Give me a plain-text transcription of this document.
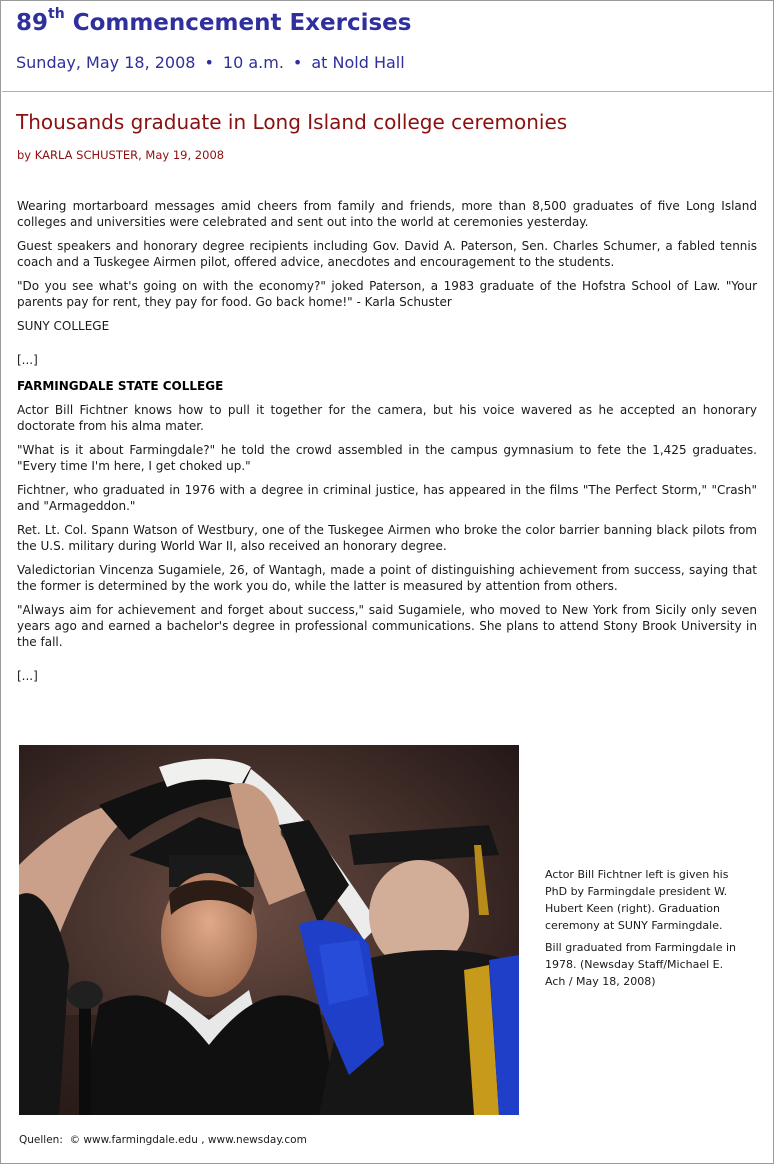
89th Commencement Exercises
Sunday, May 18, 2008 • 10 a.m. • at Nold Hall
Thousands graduate in Long Island college ceremonies
by KARLA SCHUSTER, May 19, 2008

Wearing mortarboard messages amid cheers from family and friends, more than 8,500 graduates of five Long Island colleges and universities were celebrated and sent out into the world at ceremonies yesterday.

Guest speakers and honorary degree recipients including Gov. David A. Paterson, Sen. Charles Schumer, a fabled tennis coach and a Tuskegee Airmen pilot, offered advice, anecdotes and encouragement to the students.

"Do you see what's going on with the economy?" joked Paterson, a 1983 graduate of the Hofstra School of Law. "Your parents pay for rent, they pay for food. Go back home!" - Karla Schuster

SUNY COLLEGE

[...]

FARMINGDALE STATE COLLEGE

Actor Bill Fichtner knows how to pull it together for the camera, but his voice wavered as he accepted an honorary doctorate from his alma mater.

"What is it about Farmingdale?" he told the crowd assembled in the campus gymnasium to fete the 1,425 graduates. "Every time I'm here, I get choked up."

Fichtner, who graduated in 1976 with a degree in criminal justice, has appeared in the films "The Perfect Storm," "Crash" and "Armageddon."

Ret. Lt. Col. Spann Watson of Westbury, one of the Tuskegee Airmen who broke the color barrier banning black pilots from the U.S. military during World War II, also received an honorary degree.

Valedictorian Vincenza Sugamiele, 26, of Wantagh, made a point of distinguishing achievement from success, saying that the former is determined by the work you do, while the latter is measured by attention from others.

"Always aim for achievement and forget about success," said Sugamiele, who moved to New York from Sicily only seven years ago and earned a bachelor's degree in professional communications. She plans to attend Stony Brook University in the fall.

[...]

Actor Bill Fichtner left is given his PhD by Farmingdale president W. Hubert Keen (right). Graduation ceremony at SUNY Farmingdale.

Bill graduated from Farmingdale in 1978. (Newsday Staff/Michael E. Ach / May 18, 2008)

Quellen: © www.farmingdale.edu , www.newsday.com
